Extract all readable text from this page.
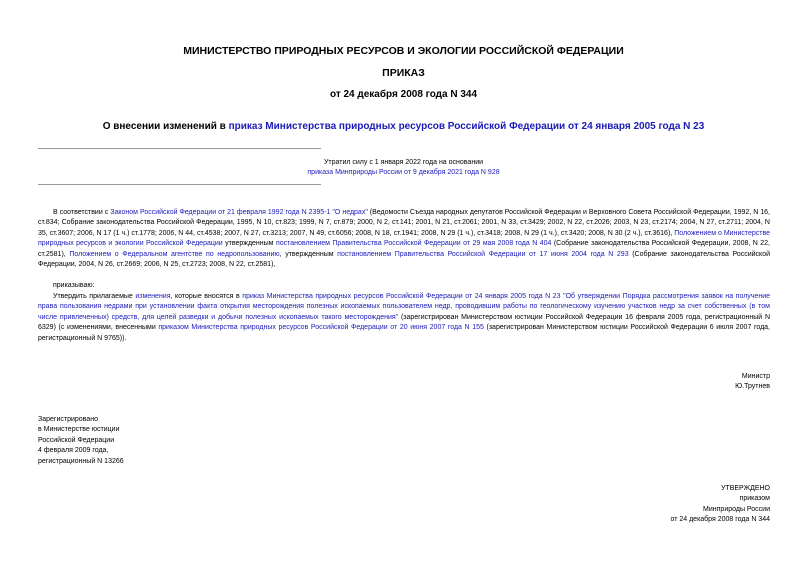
МИНИСТЕРСТВО ПРИРОДНЫХ РЕСУРСОВ И ЭКОЛОГИИ РОССИЙСКОЙ ФЕДЕРАЦИИ
ПРИКАЗ
от 24 декабря 2008 года N 344
О внесении изменений в приказ Министерства природных ресурсов Российской Федерации от 24 января 2005 года N 23
Утратил силу с 1 января 2022 года на основании
приказа Минприроды России от 9 декабря 2021 года N 928
В соответствии с Законом Российской Федерации от 21 февраля 1992 года N 2395-1 "О недрах" (Ведомости Съезда народных депутатов Российской Федерации и Верховного Совета Российской Федерации, 1992, N 16, ст.834; Собрание законодательства Российской Федерации, 1995, N 10, ст.823; 1999, N 7, ст.879; 2000, N 2, ст.141; 2001, N 21, ст.2061; 2001, N 33, ст.3429; 2002, N 22, ст.2026; 2003, N 23, ст.2174; 2004, N 27, ст.2711; 2004, N 35, ст.3607; 2006, N 17 (1 ч.) ст.1778; 2006, N 44, ст.4538; 2007, N 27, ст.3213; 2007, N 49, ст.6056; 2008, N 18, ст.1941; 2008, N 29 (1 ч.), ст.3418; 2008, N 29 (1 ч.), ст.3420; 2008, N 30 (2 ч.), ст.3616), Положением о Министерстве природных ресурсов и экологии Российской Федерации утвержденным постановлением Правительства Российской Федерации от 29 мая 2008 года N 404 (Собрание законодательства Российской Федерации, 2008, N 22, ст.2581), Положением о Федеральном агентстве по недропользованию, утвержденным постановлением Правительства Российской Федерации от 17 июня 2004 года N 293 (Собрание законодательства Российской Федерации, 2004, N 26, ст.2669; 2006, N 25, ст.2723; 2008, N 22, ст.2581),
приказываю:
Утвердить прилагаемые изменения, которые вносятся в приказ Министерства природных ресурсов Российской Федерации от 24 января 2005 года N 23 "Об утверждении Порядка рассмотрения заявок на получение права пользования недрами при установлении факта открытия месторождения полезных ископаемых пользователем недр, проводившим работы по геологическому изучению участков недр за счет собственных (в том числе привлеченных) средств, для целей разведки и добычи полезных ископаемых такого месторождения" (зарегистрирован Министерством юстиции Российской Федерации 16 февраля 2005 года, регистрационный N 6329) (с изменениями, внесенными приказом Министерства природных ресурсов Российской Федерации от 20 июня 2007 года N 155 (зарегистрирован Министерством юстиции Российской Федерации 6 июля 2007 года, регистрационный N 9765)).
Министр
Ю.Трутнев
Зарегистрировано
в Министерстве юстиции
Российской Федерации
4 февраля 2009 года,
регистрационный N 13266
УТВЕРЖДЕНО
приказом
Минприроды России
от 24 декабря 2008 года N 344
